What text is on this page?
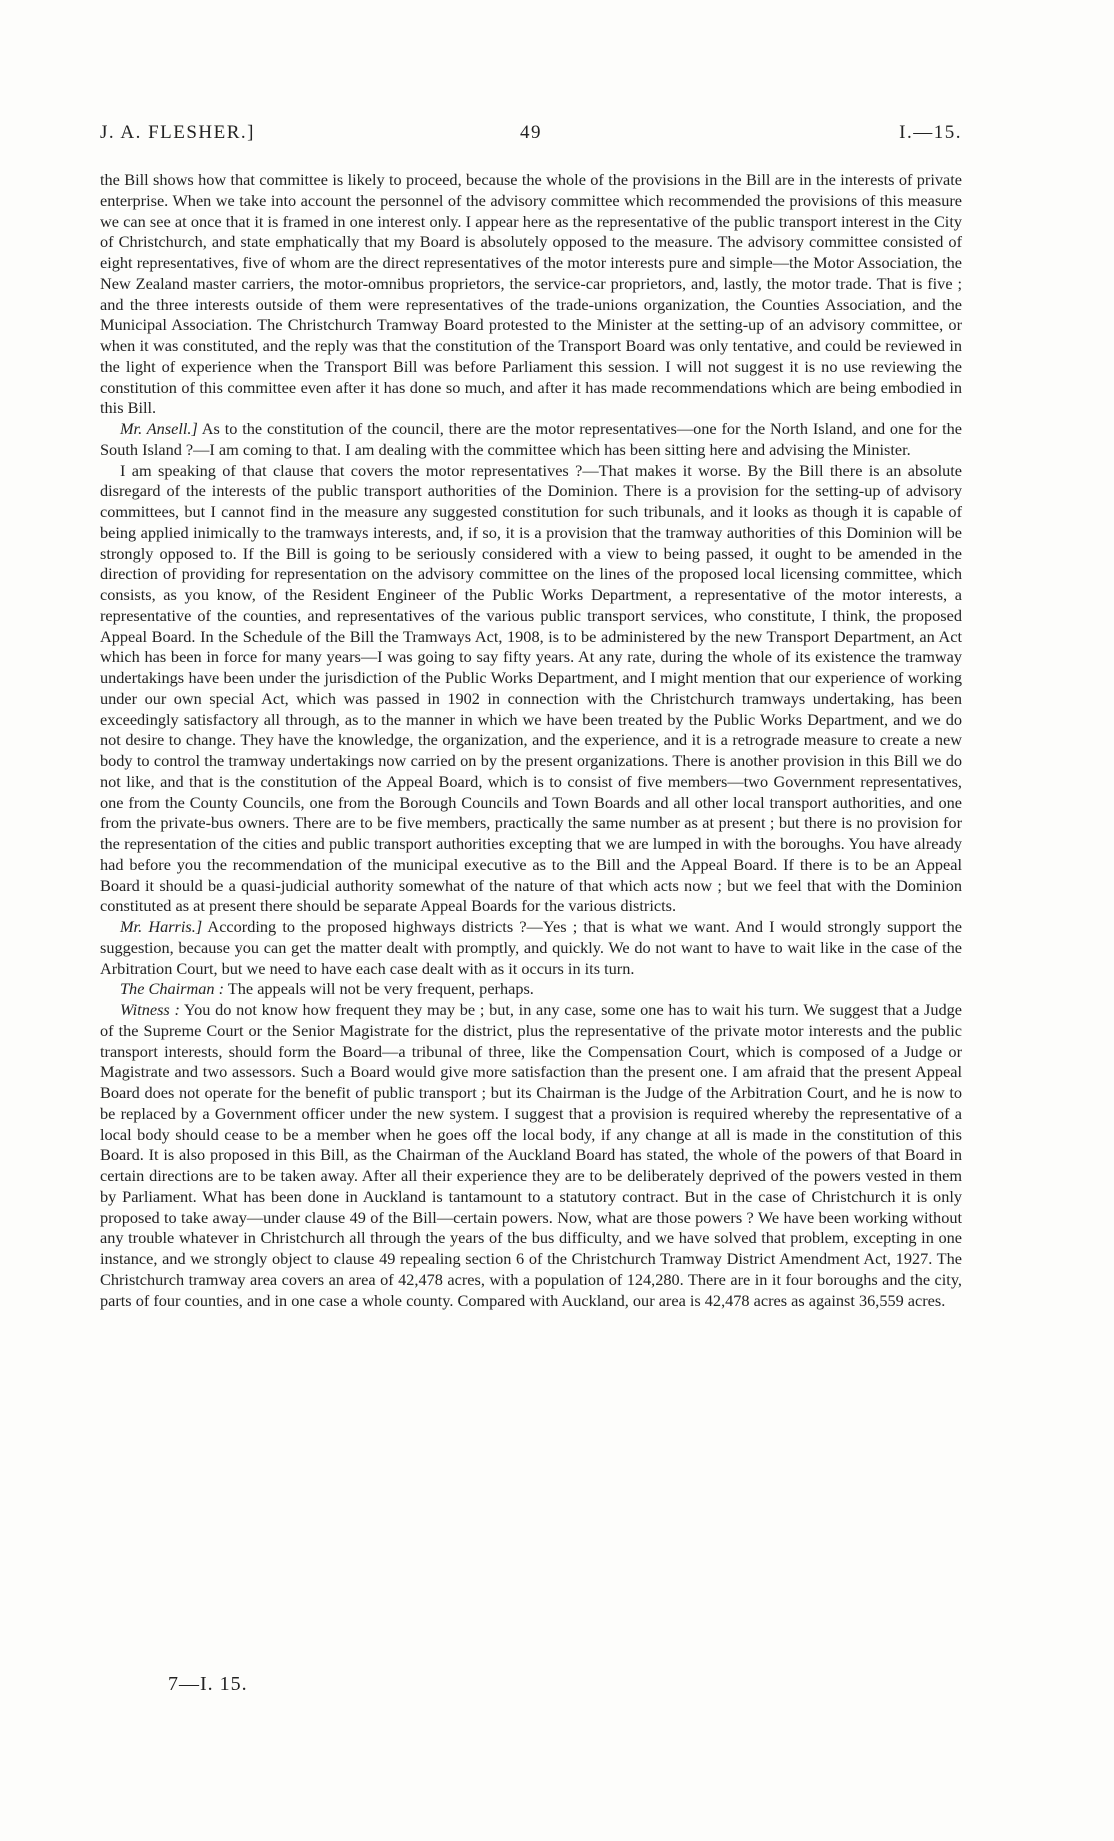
J. A. FLESHER.]	49	I.—15.

the Bill shows how that committee is likely to proceed, because the whole of the provisions in the Bill are in the interests of private enterprise. When we take into account the personnel of the advisory committee which recommended the provisions of this measure we can see at once that it is framed in one interest only. I appear here as the representative of the public transport interest in the City of Christchurch, and state emphatically that my Board is absolutely opposed to the measure. The advisory committee consisted of eight representatives, five of whom are the direct representatives of the motor interests pure and simple—the Motor Association, the New Zealand master carriers, the motor-omnibus proprietors, the service-car proprietors, and, lastly, the motor trade. That is five ; and the three interests outside of them were representatives of the trade-unions organization, the Counties Association, and the Municipal Association. The Christchurch Tramway Board protested to the Minister at the setting-up of an advisory committee, or when it was constituted, and the reply was that the constitution of the Transport Board was only tentative, and could be reviewed in the light of experience when the Transport Bill was before Parliament this session. I will not suggest it is no use reviewing the constitution of this committee even after it has done so much, and after it has made recommendations which are being embodied in this Bill.

Mr. Ansell.] As to the constitution of the council, there are the motor representatives—one for the North Island, and one for the South Island ?—I am coming to that. I am dealing with the committee which has been sitting here and advising the Minister.

I am speaking of that clause that covers the motor representatives ?—That makes it worse. By the Bill there is an absolute disregard of the interests of the public transport authorities of the Dominion. There is a provision for the setting-up of advisory committees, but I cannot find in the measure any suggested constitution for such tribunals, and it looks as though it is capable of being applied inimically to the tramways interests, and, if so, it is a provision that the tramway authorities of this Dominion will be strongly opposed to. If the Bill is going to be seriously considered with a view to being passed, it ought to be amended in the direction of providing for representation on the advisory committee on the lines of the proposed local licensing committee, which consists, as you know, of the Resident Engineer of the Public Works Department, a representative of the motor interests, a representative of the counties, and representatives of the various public transport services, who constitute, I think, the proposed Appeal Board. In the Schedule of the Bill the Tramways Act, 1908, is to be administered by the new Transport Department, an Act which has been in force for many years—I was going to say fifty years. At any rate, during the whole of its existence the tramway undertakings have been under the jurisdiction of the Public Works Department, and I might mention that our experience of working under our own special Act, which was passed in 1902 in connection with the Christchurch tramways undertaking, has been exceedingly satisfactory all through, as to the manner in which we have been treated by the Public Works Department, and we do not desire to change. They have the knowledge, the organization, and the experience, and it is a retrograde measure to create a new body to control the tramway undertakings now carried on by the present organizations. There is another provision in this Bill we do not like, and that is the constitution of the Appeal Board, which is to consist of five members—two Government representatives, one from the County Councils, one from the Borough Councils and Town Boards and all other local transport authorities, and one from the private-bus owners. There are to be five members, practically the same number as at present ; but there is no provision for the representation of the cities and public transport authorities excepting that we are lumped in with the boroughs. You have already had before you the recommendation of the municipal executive as to the Bill and the Appeal Board. If there is to be an Appeal Board it should be a quasi-judicial authority somewhat of the nature of that which acts now ; but we feel that with the Dominion constituted as at present there should be separate Appeal Boards for the various districts.

Mr. Harris.] According to the proposed highways districts ?—Yes ; that is what we want. And I would strongly support the suggestion, because you can get the matter dealt with promptly, and quickly. We do not want to have to wait like in the case of the Arbitration Court, but we need to have each case dealt with as it occurs in its turn.

The Chairman : The appeals will not be very frequent, perhaps.

Witness : You do not know how frequent they may be ; but, in any case, some one has to wait his turn. We suggest that a Judge of the Supreme Court or the Senior Magistrate for the district, plus the representative of the private motor interests and the public transport interests, should form the Board—a tribunal of three, like the Compensation Court, which is composed of a Judge or Magistrate and two assessors. Such a Board would give more satisfaction than the present one. I am afraid that the present Appeal Board does not operate for the benefit of public transport ; but its Chairman is the Judge of the Arbitration Court, and he is now to be replaced by a Government officer under the new system. I suggest that a provision is required whereby the representative of a local body should cease to be a member when he goes off the local body, if any change at all is made in the constitution of this Board. It is also proposed in this Bill, as the Chairman of the Auckland Board has stated, the whole of the powers of that Board in certain directions are to be taken away. After all their experience they are to be deliberately deprived of the powers vested in them by Parliament. What has been done in Auckland is tantamount to a statutory contract. But in the case of Christchurch it is only proposed to take away—under clause 49 of the Bill—certain powers. Now, what are those powers ? We have been working without any trouble whatever in Christchurch all through the years of the bus difficulty, and we have solved that problem, excepting in one instance, and we strongly object to clause 49 repealing section 6 of the Christchurch Tramway District Amendment Act, 1927. The Christchurch tramway area covers an area of 42,478 acres, with a population of 124,280. There are in it four boroughs and the city, parts of four counties, and in one case a whole county. Compared with Auckland, our area is 42,478 acres as against 36,559 acres.

7—I. 15.
